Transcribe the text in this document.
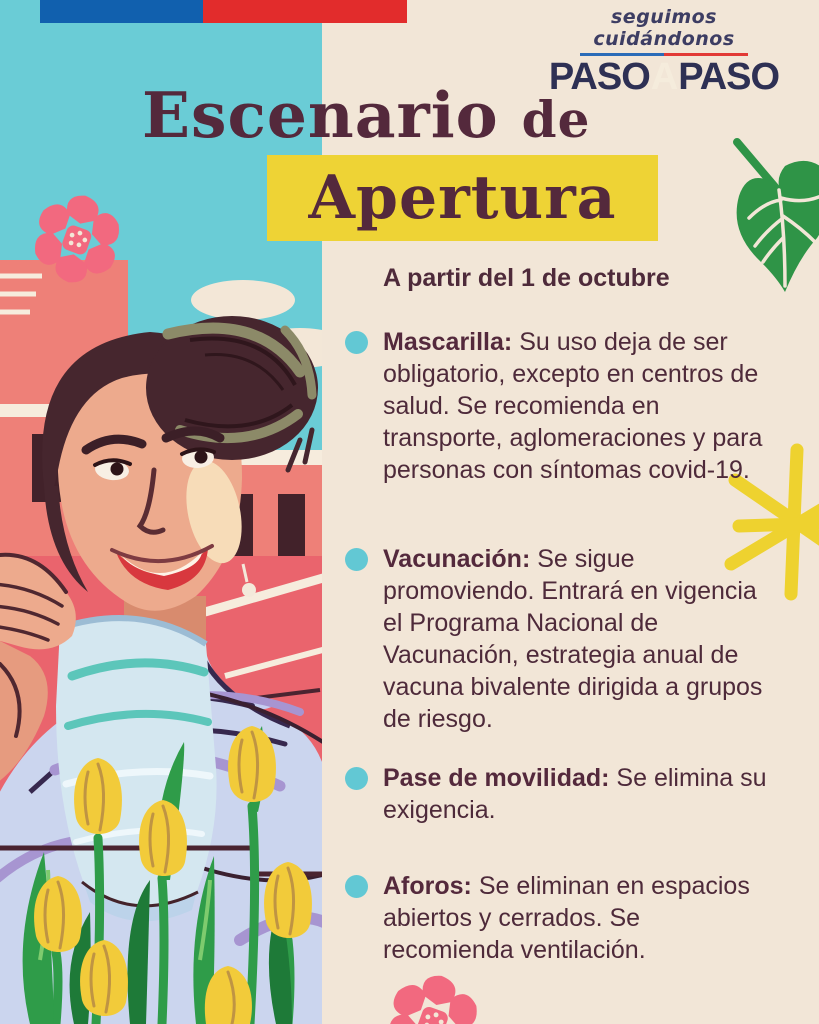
seguimos cuidándonos
PASOAPASO
Escenario de
Apertura
A partir del 1 de octubre

Mascarilla: Su uso deja de ser obligatorio, excepto en centros de salud. Se recomienda en transporte, aglomeraciones y para personas con síntomas covid-19.

Vacunación: Se sigue promoviendo. Entrará en vigencia el Programa Nacional de Vacunación, estrategia anual de vacuna bivalente dirigida a grupos de riesgo.

Pase de movilidad: Se elimina su exigencia.

Aforos: Se eliminan en espacios abiertos y cerrados. Se recomienda ventilación.
